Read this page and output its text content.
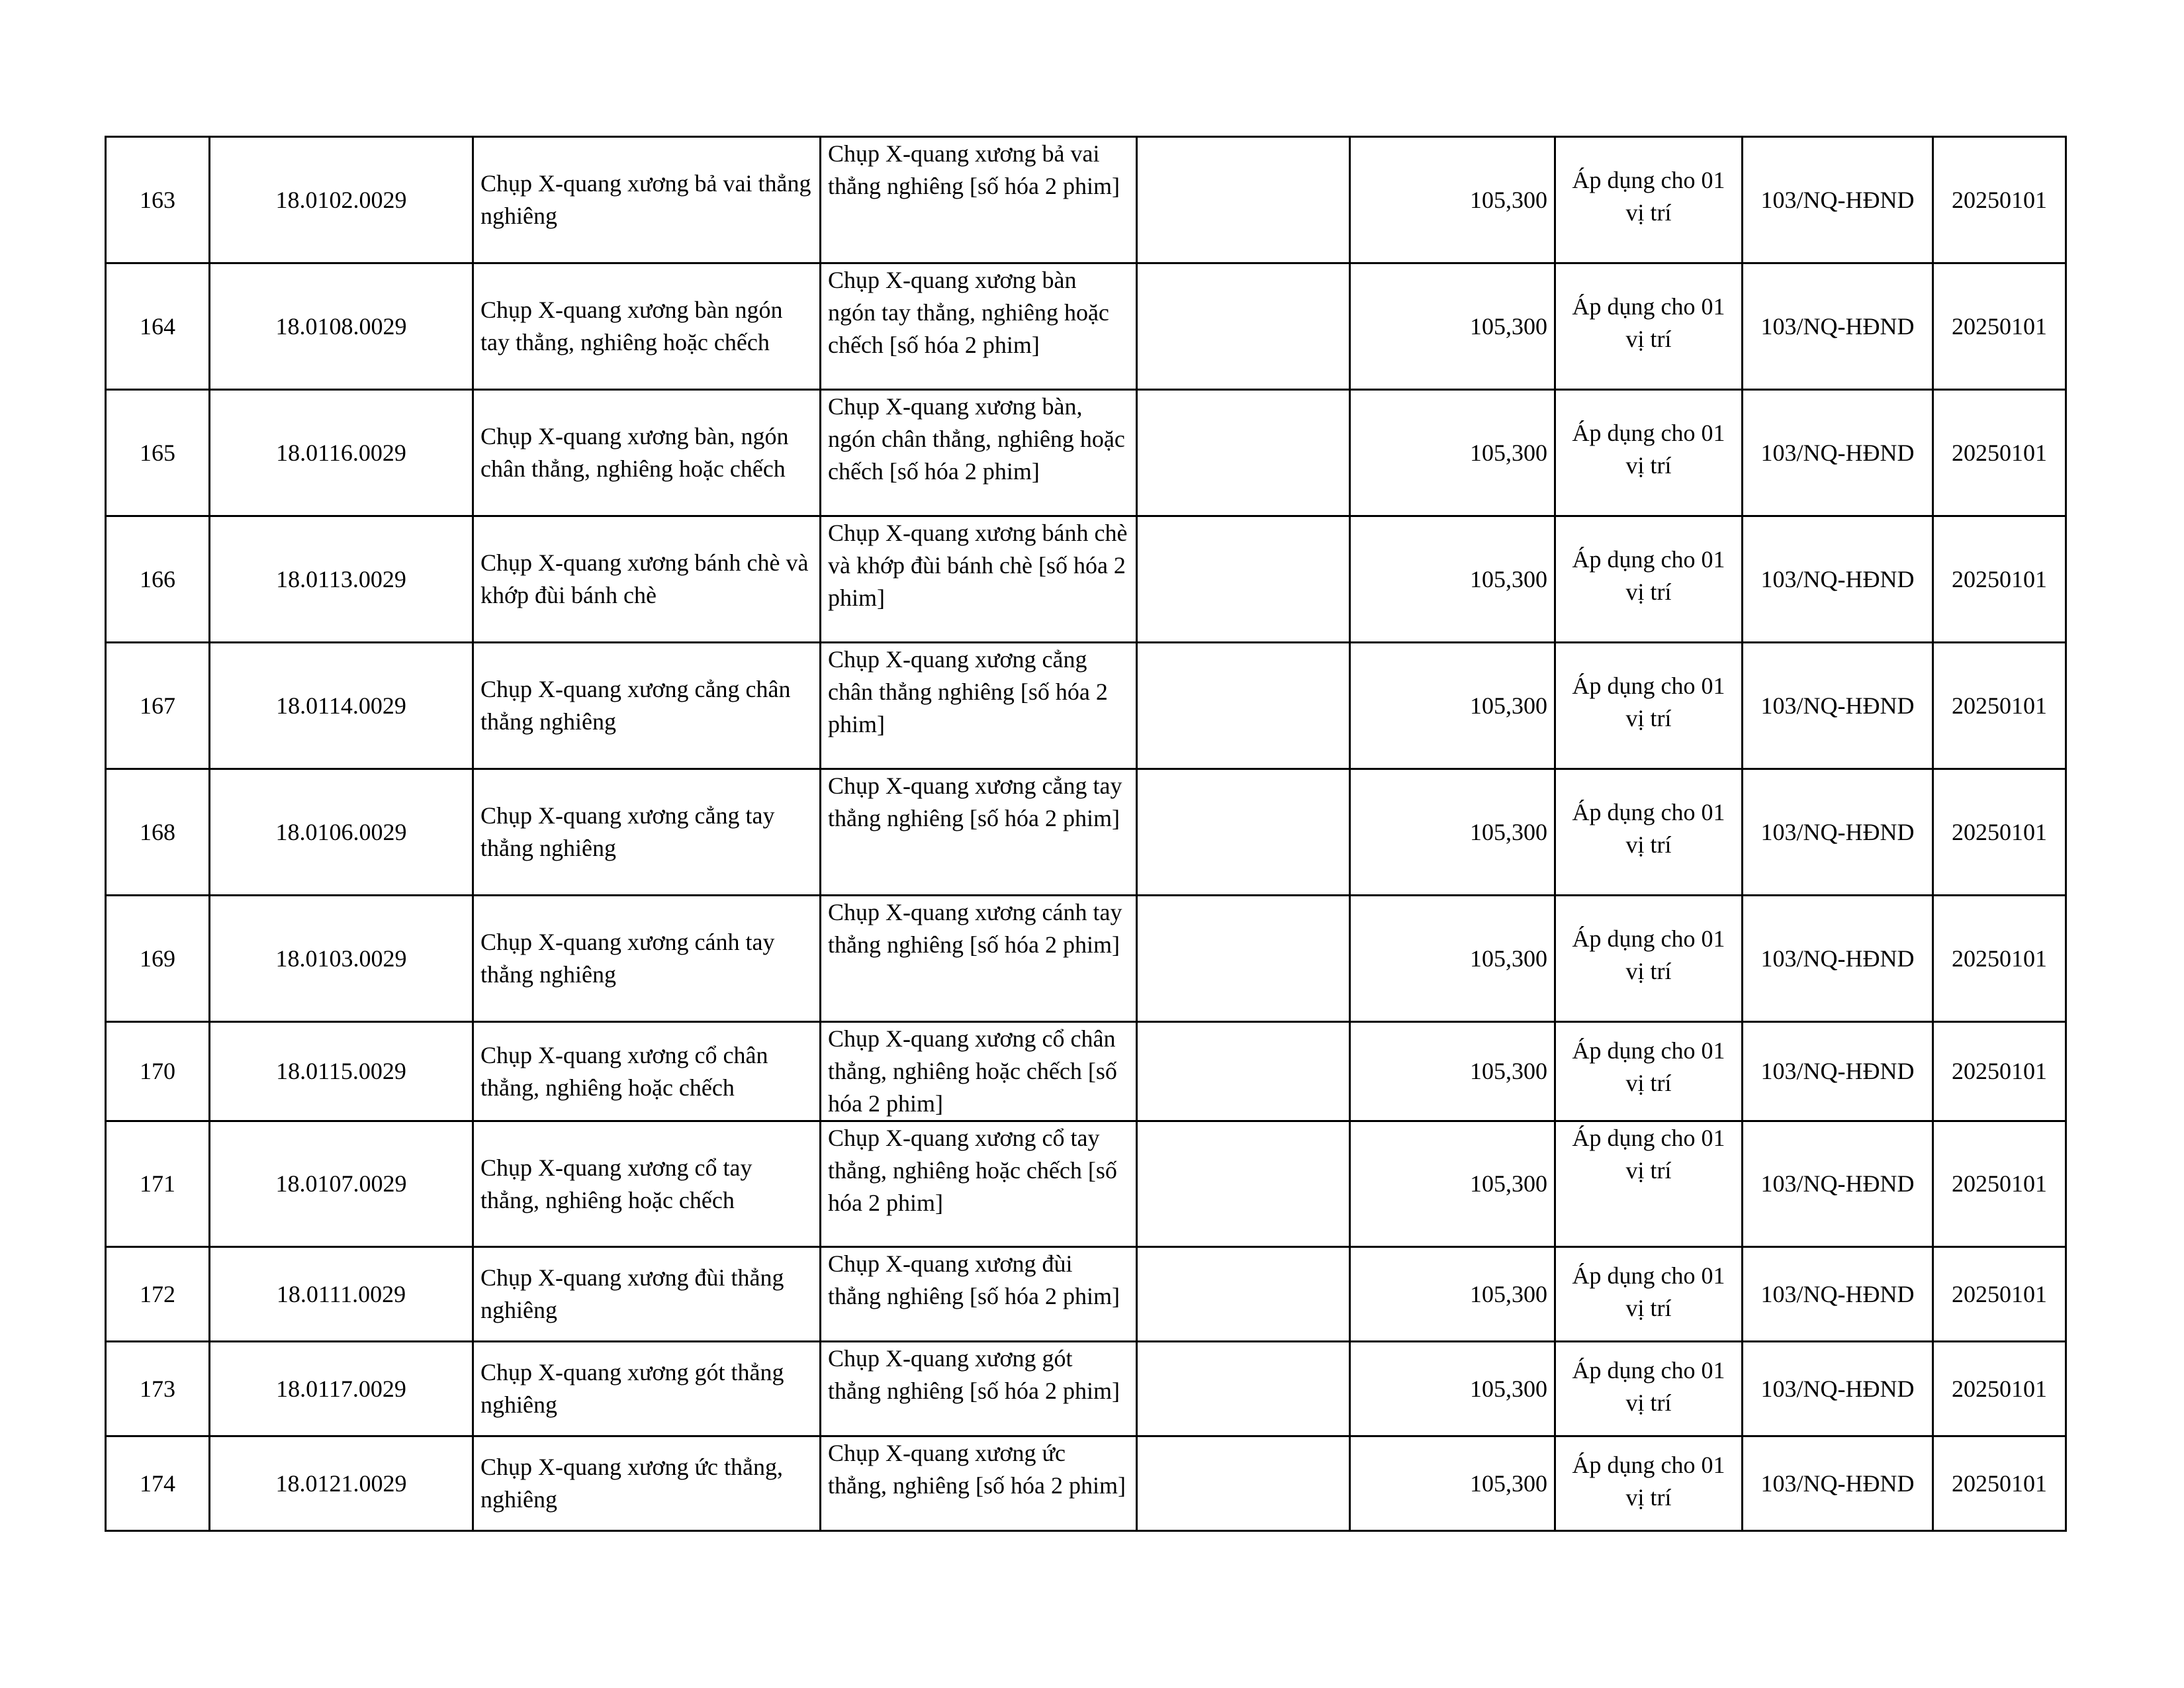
163	18.0102.0029	Chụp X-quang xương bả vai thẳng nghiêng	Chụp X-quang xương bả vai thẳng nghiêng [số hóa 2 phim]		105,300	Áp dụng cho 01 vị trí	103/NQ-HĐND	20250101
164	18.0108.0029	Chụp X-quang xương bàn ngón tay thẳng, nghiêng hoặc chếch	Chụp X-quang xương bàn ngón tay thẳng, nghiêng hoặc chếch [số hóa 2 phim]		105,300	Áp dụng cho 01 vị trí	103/NQ-HĐND	20250101
165	18.0116.0029	Chụp X-quang xương bàn, ngón chân thẳng, nghiêng hoặc chếch	Chụp X-quang xương bàn, ngón chân thẳng, nghiêng hoặc chếch [số hóa 2 phim]		105,300	Áp dụng cho 01 vị trí	103/NQ-HĐND	20250101
166	18.0113.0029	Chụp X-quang xương bánh chè và khớp đùi bánh chè	Chụp X-quang xương bánh chè và khớp đùi bánh chè [số hóa 2 phim]		105,300	Áp dụng cho 01 vị trí	103/NQ-HĐND	20250101
167	18.0114.0029	Chụp X-quang xương cẳng chân thẳng nghiêng	Chụp X-quang xương cẳng chân thẳng nghiêng [số hóa 2 phim]		105,300	Áp dụng cho 01 vị trí	103/NQ-HĐND	20250101
168	18.0106.0029	Chụp X-quang xương cẳng tay thẳng nghiêng	Chụp X-quang xương cẳng tay thẳng nghiêng [số hóa 2 phim]		105,300	Áp dụng cho 01 vị trí	103/NQ-HĐND	20250101
169	18.0103.0029	Chụp X-quang xương cánh tay thẳng nghiêng	Chụp X-quang xương cánh tay thẳng nghiêng [số hóa 2 phim]		105,300	Áp dụng cho 01 vị trí	103/NQ-HĐND	20250101
170	18.0115.0029	Chụp X-quang xương cổ chân thẳng, nghiêng hoặc chếch	Chụp X-quang xương cổ chân thẳng, nghiêng hoặc chếch [số hóa 2 phim]		105,300	Áp dụng cho 01 vị trí	103/NQ-HĐND	20250101
171	18.0107.0029	Chụp X-quang xương cổ tay thẳng, nghiêng hoặc chếch	Chụp X-quang xương cổ tay thẳng, nghiêng hoặc chếch [số hóa 2 phim]		105,300	Áp dụng cho 01 vị trí	103/NQ-HĐND	20250101
172	18.0111.0029	Chụp X-quang xương đùi thẳng nghiêng	Chụp X-quang xương đùi thẳng nghiêng [số hóa 2 phim]		105,300	Áp dụng cho 01 vị trí	103/NQ-HĐND	20250101
173	18.0117.0029	Chụp X-quang xương gót thẳng nghiêng	Chụp X-quang xương gót thẳng nghiêng [số hóa 2 phim]		105,300	Áp dụng cho 01 vị trí	103/NQ-HĐND	20250101
174	18.0121.0029	Chụp X-quang xương ức thẳng, nghiêng	Chụp X-quang xương ức thẳng, nghiêng [số hóa 2 phim]		105,300	Áp dụng cho 01 vị trí	103/NQ-HĐND	20250101
